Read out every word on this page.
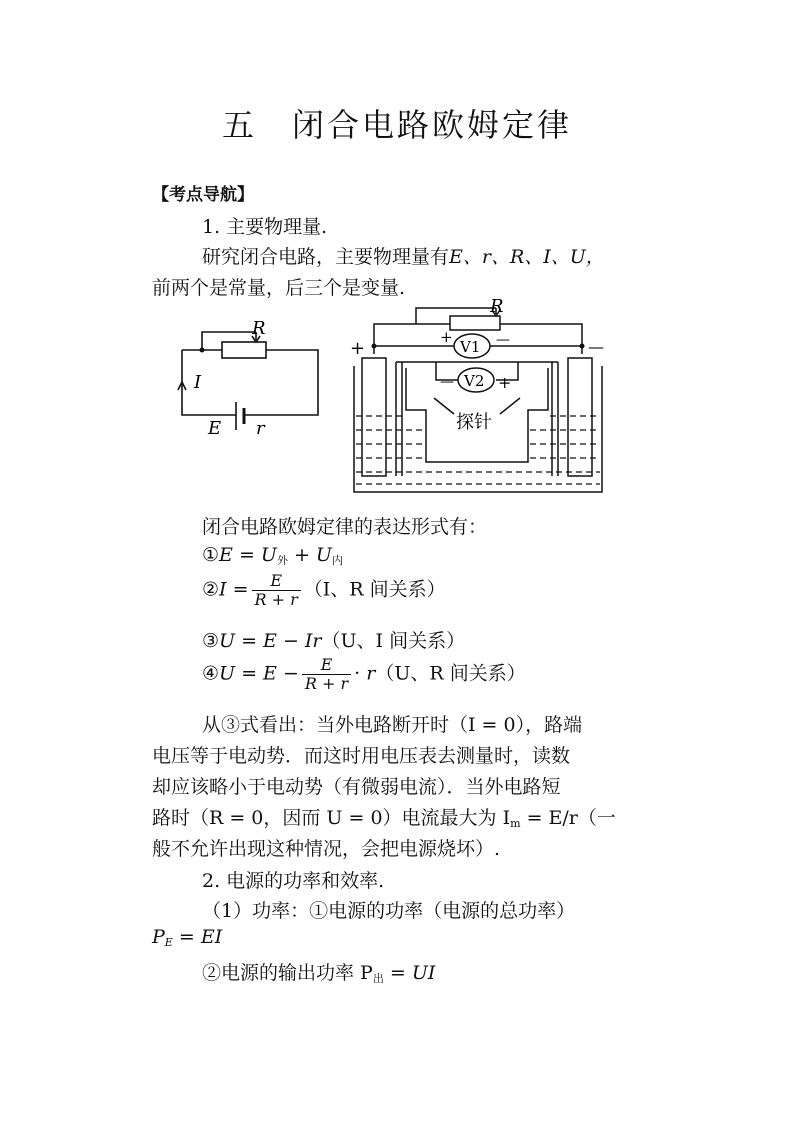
五　闭合电路欧姆定律
【考点导航】
1. 主要物理量.
研究闭合电路，主要物理量有E、r、R、I、U，
前两个是常量，后三个是变量.
R
I
E r
R
+	—
+	—
V1
—	+
V2
探针
闭合电路欧姆定律的表达形式有：
①E = $U_外 + U_内$
②I = $\frac{E}{R + r} (I$、R 间关系）
③U = E − Ir（U、I 间关系）
④U = $E - \frac{E}{R + r} \cdot r(U$、R 间关系）
从③式看出：当外电路断开时（I = 0），路端
电压等于电动势．而这时用电压表去测量时，读数
却应该略小于电动势（有微弱电流）．当外电路短
路时（R = 0，因而 U = 0）电流最大为 $I_m = E/r$（一
般不允许出现这种情况，会把电源烧坏）.
2. 电源的功率和效率.
（1）功率：①电源的功率（电源的总功率）
$P_E$ = EI
②电源的输出功率 $P_出$ = UI
